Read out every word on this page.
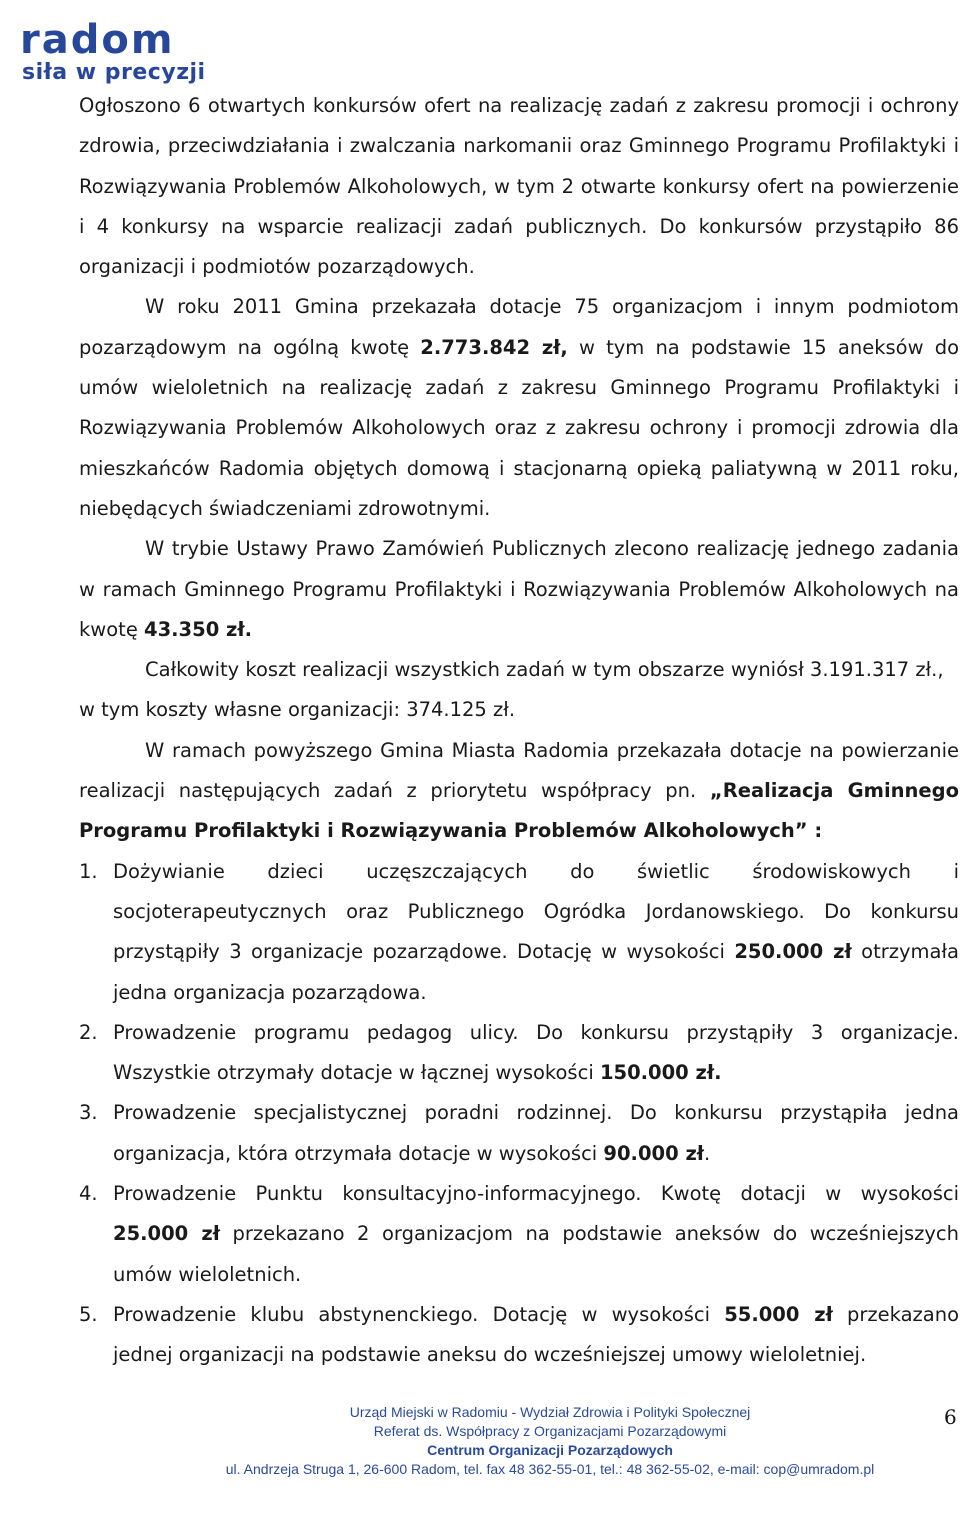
radom
siła w precyzji

Ogłoszono 6 otwartych konkursów ofert na realizację zadań z zakresu promocji i ochrony zdrowia, przeciwdziałania i zwalczania narkomanii oraz Gminnego Programu Profilaktyki i Rozwiązywania Problemów Alkoholowych, w tym 2 otwarte konkursy ofert na powierzenie i 4 konkursy na wsparcie realizacji zadań publicznych. Do konkursów przystąpiło 86 organizacji i podmiotów pozarządowych.

W roku 2011 Gmina przekazała dotacje 75 organizacjom i innym podmiotom pozarządowym na ogólną kwotę 2.773.842 zł, w tym na podstawie 15 aneksów do umów wieloletnich na realizację zadań z zakresu Gminnego Programu Profilaktyki i Rozwiązywania Problemów Alkoholowych oraz z zakresu ochrony i promocji zdrowia dla mieszkańców Radomia objętych domową i stacjonarną opieką paliatywną w 2011 roku, niebędących świadczeniami zdrowotnymi.

W trybie Ustawy Prawo Zamówień Publicznych zlecono realizację jednego zadania w ramach Gminnego Programu Profilaktyki i Rozwiązywania Problemów Alkoholowych na kwotę 43.350 zł.

Całkowity koszt realizacji wszystkich zadań w tym obszarze wyniósł 3.191.317 zł.,

w tym koszty własne organizacji: 374.125 zł.

W ramach powyższego Gmina Miasta Radomia przekazała dotacje na powierzanie realizacji następujących zadań z priorytetu współpracy pn. „Realizacja Gminnego Programu Profilaktyki i Rozwiązywania Problemów Alkoholowych” :

1. Dożywianie dzieci uczęszczających do świetlic środowiskowych i socjoterapeutycznych oraz Publicznego Ogródka Jordanowskiego. Do konkursu przystąpiły 3 organizacje pozarządowe. Dotację w wysokości 250.000 zł otrzymała jedna organizacja pozarządowa.
2. Prowadzenie programu pedagog ulicy. Do konkursu przystąpiły 3 organizacje. Wszystkie otrzymały dotacje w łącznej wysokości 150.000 zł.
3. Prowadzenie specjalistycznej poradni rodzinnej. Do konkursu przystąpiła jedna organizacja, która otrzymała dotacje w wysokości 90.000 zł.
4. Prowadzenie Punktu konsultacyjno-informacyjnego. Kwotę dotacji w wysokości 25.000 zł przekazano 2 organizacjom na podstawie aneksów do wcześniejszych umów wieloletnich.
5. Prowadzenie klubu abstynenckiego. Dotację w wysokości 55.000 zł przekazano jednej organizacji na podstawie aneksu do wcześniejszej umowy wieloletniej.
Urząd Miejski w Radomiu - Wydział Zdrowia i Polityki Społecznej
Referat ds. Współpracy z Organizacjami Pozarządowymi
Centrum Organizacji Pozarządowych
ul. Andrzeja Struga 1, 26-600 Radom, tel. fax 48 362-55-01, tel.: 48 362-55-02, e-mail: cop@umradom.pl
6
